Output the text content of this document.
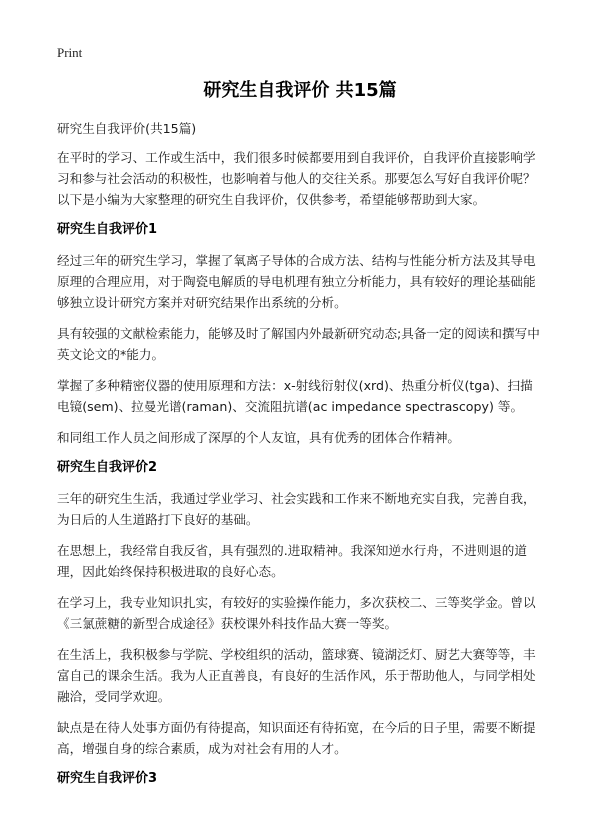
Print
研究生自我评价 共15篇

研究生自我评价(共15篇)

在平时的学习、工作或生活中，我们很多时候都要用到自我评价，自我评价直接影响学习和参与社会活动的积极性，也影响着与他人的交往关系。那要怎么写好自我评价呢？以下是小编为大家整理的研究生自我评价，仅供参考，希望能够帮助到大家。

研究生自我评价1

经过三年的研究生学习，掌握了氧离子导体的合成方法、结构与性能分析方法及其导电原理的合理应用，对于陶瓷电解质的导电机理有独立分析能力，具有较好的理论基础能够独立设计研究方案并对研究结果作出系统的分析。

具有较强的文献检索能力，能够及时了解国内外最新研究动态;具备一定的阅读和撰写中英文论文的*能力。

掌握了多种精密仪器的使用原理和方法：x-射线衍射仪(xrd)、热重分析仪(tga)、扫描电镜(sem)、拉曼光谱(raman)、交流阻抗谱(ac impedance spectrascopy) 等。

和同组工作人员之间形成了深厚的个人友谊，具有优秀的团体合作精神。

研究生自我评价2

三年的研究生生活，我通过学业学习、社会实践和工作来不断地充实自我，完善自我，为日后的人生道路打下良好的基础。

在思想上，我经常自我反省，具有强烈的.进取精神。我深知逆水行舟，不进则退的道理，因此始终保持积极进取的良好心态。

在学习上，我专业知识扎实，有较好的实验操作能力，多次获校二、三等奖学金。曾以《三氯蔗糖的新型合成途径》获校课外科技作品大赛一等奖。

在生活上，我积极参与学院、学校组织的活动，篮球赛、镜湖泛灯、厨艺大赛等等，丰富自己的课余生活。我为人正直善良，有良好的生活作风，乐于帮助他人，与同学相处融洽，受同学欢迎。

缺点是在待人处事方面仍有待提高，知识面还有待拓宽，在今后的日子里，需要不断提高，增强自身的综合素质，成为对社会有用的人才。

研究生自我评价3
